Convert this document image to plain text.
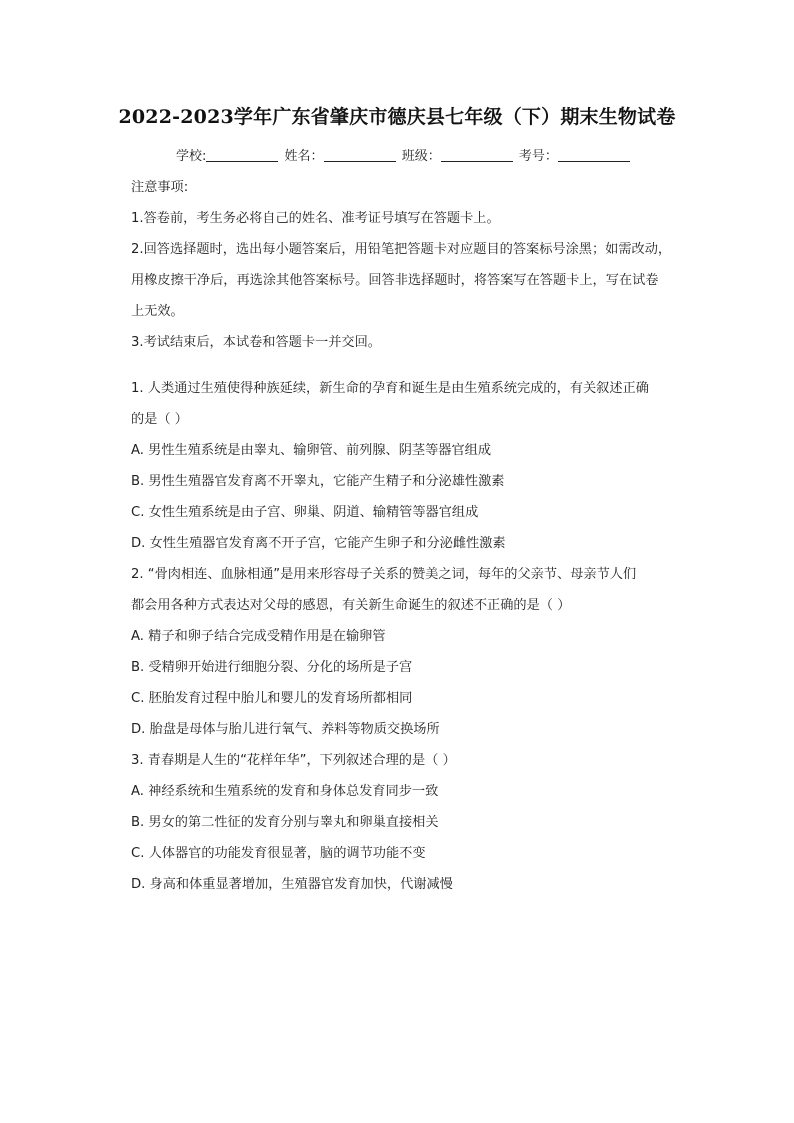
2022-2023学年广东省肇庆市德庆县七年级（下）期末生物试卷
学校:	姓名：	班级：	考号：
注意事项:
1.答卷前，考生务必将自己的姓名、准考证号填写在答题卡上。
2.回答选择题时，选出每小题答案后，用铅笔把答题卡对应题目的答案标号涂黑；如需改动，
用橡皮擦干净后，再选涂其他答案标号。回答非选择题时，将答案写在答题卡上，写在试卷
上无效。
3.考试结束后，本试卷和答题卡一并交回。
1. 人类通过生殖使得种族延续，新生命的孕育和诞生是由生殖系统完成的，有关叙述正确
的是（ ）
A. 男性生殖系统是由睾丸、输卵管、前列腺、阴茎等器官组成
B. 男性生殖器官发育离不开睾丸，它能产生精子和分泌雄性激素
C. 女性生殖系统是由子宫、卵巢、阴道、输精管等器官组成
D. 女性生殖器官发育离不开子宫，它能产生卵子和分泌雌性激素
2. “骨肉相连、血脉相通”是用来形容母子关系的赞美之词，每年的父亲节、母亲节人们
都会用各种方式表达对父母的感恩，有关新生命诞生的叙述不正确的是（ ）
A. 精子和卵子结合完成受精作用是在输卵管
B. 受精卵开始进行细胞分裂、分化的场所是子宫
C. 胚胎发育过程中胎儿和婴儿的发育场所都相同
D. 胎盘是母体与胎儿进行氧气、养料等物质交换场所
3. 青春期是人生的“花样年华”，下列叙述合理的是（ ）
A. 神经系统和生殖系统的发育和身体总发育同步一致
B. 男女的第二性征的发育分别与睾丸和卵巢直接相关
C. 人体器官的功能发育很显著，脑的调节功能不变
D. 身高和体重显著增加，生殖器官发育加快，代谢减慢
